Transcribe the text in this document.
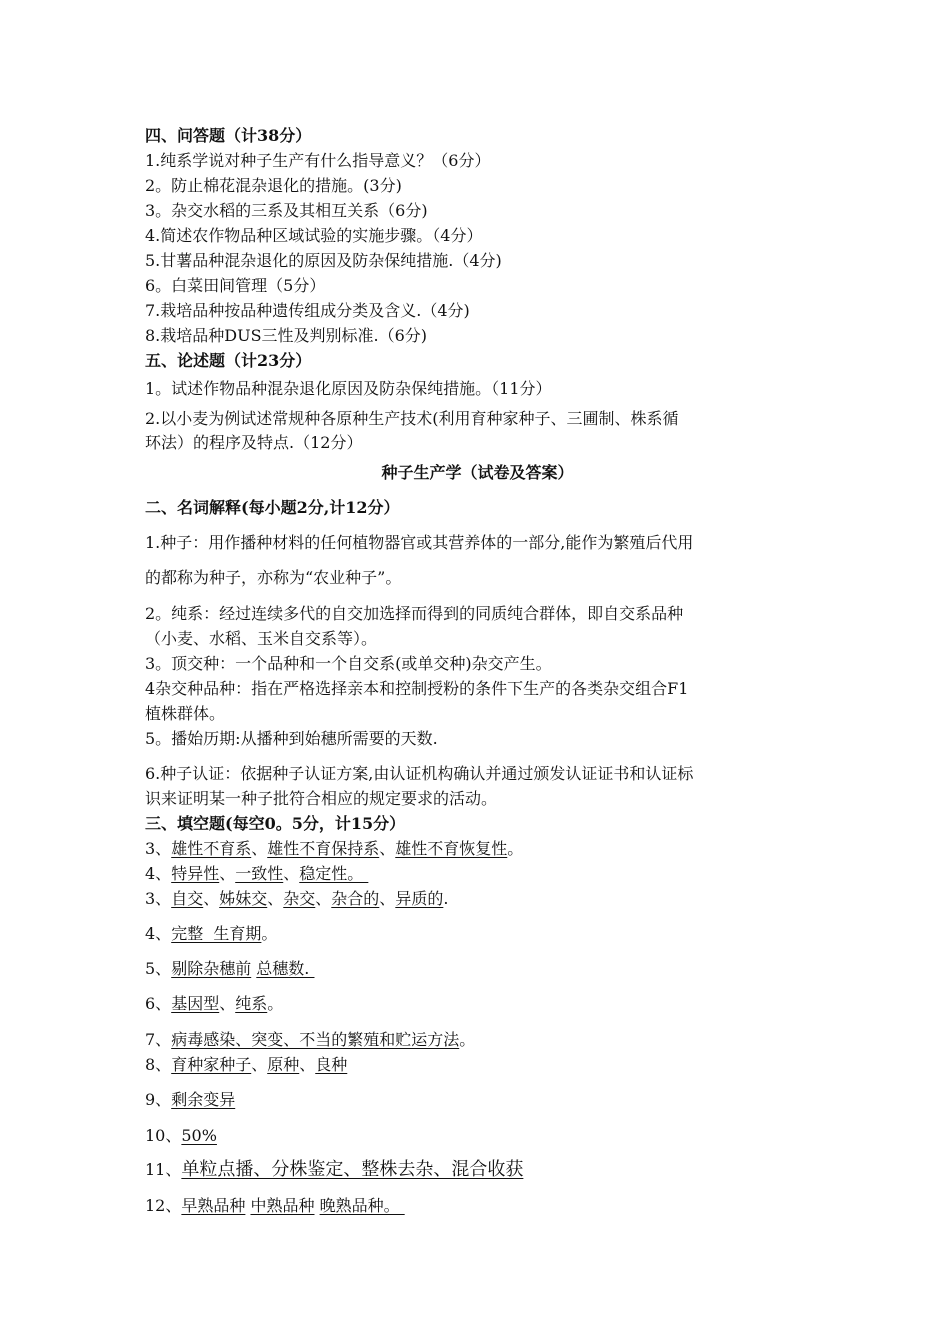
四、问答题（计38分）
1.纯系学说对种子生产有什么指导意义？（6分）
2。防止棉花混杂退化的措施。(3分)
3。杂交水稻的三系及其相互关系（6分)
4.简述农作物品种区域试验的实施步骤。（4分）
5.甘薯品种混杂退化的原因及防杂保纯措施.（4分)
6。白菜田间管理（5分）
7.栽培品种按品种遗传组成分类及含义.（4分)
8.栽培品种DUS三性及判别标准.（6分)
五、论述题（计23分）
1。试述作物品种混杂退化原因及防杂保纯措施。（11分）
2.以小麦为例试述常规种各原种生产技术(利用育种家种子、三圃制、株系循
环法）的程序及特点.（12分）
种子生产学（试卷及答案）
二、名词解释(每小题2分,计12分）
1.种子：用作播种材料的任何植物器官或其营养体的一部分,能作为繁殖后代用
的都称为种子，亦称为“农业种子”。
2。纯系：经过连续多代的自交加选择而得到的同质纯合群体，即自交系品种
（小麦、水稻、玉米自交系等）。
3。顶交种：一个品种和一个自交系(或单交种)杂交产生。
4杂交种品种：指在严格选择亲本和控制授粉的条件下生产的各类杂交组合F1
植株群体。
5。播始历期:从播种到始穗所需要的天数.
6.种子认证：依据种子认证方案,由认证机构确认并通过颁发认证证书和认证标
识来证明某一种子批符合相应的规定要求的活动。
三、填空题(每空0。5分，计15分）
3、雄性不育系、雄性不育保持系、雄性不育恢复性。
4、特异性、一致性、稳定性。
3、自交、姊妹交、杂交、杂合的、异质的.
4、完整  生育期。
5、剔除杂穗前 总穗数.
6、基因型、纯系。
7、病毒感染、突变、不当的繁殖和贮运方法。
8、育种家种子、原种、良种
9、剩余变异
10、50%
11、单粒点播、分株鉴定、整株去杂、混合收获
12、早熟品种 中熟品种 晚熟品种。
